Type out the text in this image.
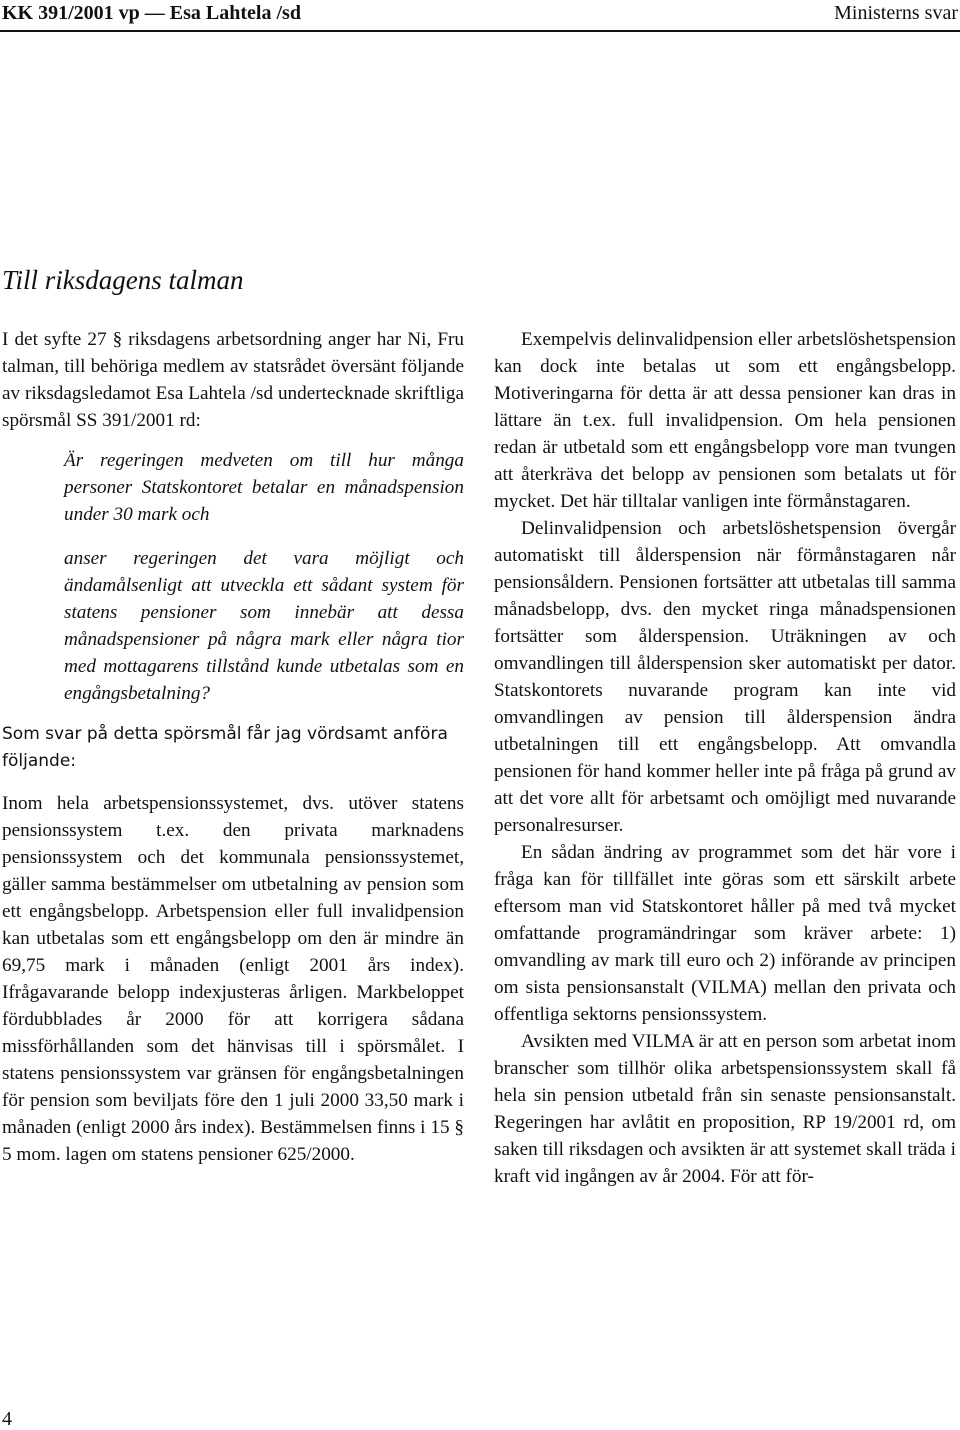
KK 391/2001 vp — Esa Lahtela /sd	Ministerns svar
Till riksdagens talman

I det syfte 27 § riksdagens arbetsordning anger har Ni, Fru talman, till behöriga medlem av statsrådet översänt följande av riksdagsledamot Esa Lahtela /sd undertecknade skriftliga spörsmål SS 391/2001 rd:

Är regeringen medveten om till hur många personer Statskontoret betalar en månadspension under 30 mark och

anser regeringen det vara möjligt och ändamålsenligt att utveckla ett sådant system för statens pensioner som innebär att dessa månadspensioner på några mark eller några tior med mottagarens tillstånd kunde utbetalas som en engångsbetalning?

Som svar på detta spörsmål får jag vördsamt anföra följande:

Inom hela arbetspensionssystemet, dvs. utöver statens pensionssystem t.ex. den privata marknadens pensionssystem och det kommunala pensionssystemet, gäller samma bestämmelser om utbetalning av pension som ett engångsbelopp. Arbetspension eller full invalidpension kan utbetalas som ett engångsbelopp om den är mindre än 69,75 mark i månaden (enligt 2001 års index). Ifrågavarande belopp indexjusteras årligen. Markbeloppet fördubblades år 2000 för att korrigera sådana missförhållanden som det hänvisas till i spörsmålet. I statens pensionssystem var gränsen för engångsbetalningen för pension som beviljats före den 1 juli 2000 33,50 mark i månaden (enligt 2000 års index). Bestämmelsen finns i 15 § 5 mom. lagen om statens pensioner 625/2000.

Exempelvis delinvalidpension eller arbetslöshetspension kan dock inte betalas ut som ett engångsbelopp. Motiveringarna för detta är att dessa pensioner kan dras in lättare än t.ex. full invalidpension. Om hela pensionen redan är utbetald som ett engångsbelopp vore man tvungen att återkräva det belopp av pensionen som betalats ut för mycket. Det här tilltalar vanligen inte förmånstagaren.

Delinvalidpension och arbetslöshetspension övergår automatiskt till ålderspension när förmånstagaren når pensionsåldern. Pensionen fortsätter att utbetalas till samma månadsbelopp, dvs. den mycket ringa månadspensionen fortsätter som ålderspension. Uträkningen av och omvandlingen till ålderspension sker automatiskt per dator. Statskontorets nuvarande program kan inte vid omvandlingen av pension till ålderspension ändra utbetalningen till ett engångsbelopp. Att omvandla pensionen för hand kommer heller inte på fråga på grund av att det vore allt för arbetsamt och omöjligt med nuvarande personalresurser.

En sådan ändring av programmet som det här vore i fråga kan för tillfället inte göras som ett särskilt arbete eftersom man vid Statskontoret håller på med två mycket omfattande programändringar som kräver arbete: 1) omvandling av mark till euro och 2) införande av principen om sista pensionsanstalt (VILMA) mellan den privata och offentliga sektorns pensionssystem.

Avsikten med VILMA är att en person som arbetat inom branscher som tillhör olika arbetspensionssystem skall få hela sin pension utbetald från sin senaste pensionsanstalt. Regeringen har avlåtit en proposition, RP 19/2001 rd, om saken till riksdagen och avsikten är att systemet skall träda i kraft vid ingången av år 2004. För att för-

4
